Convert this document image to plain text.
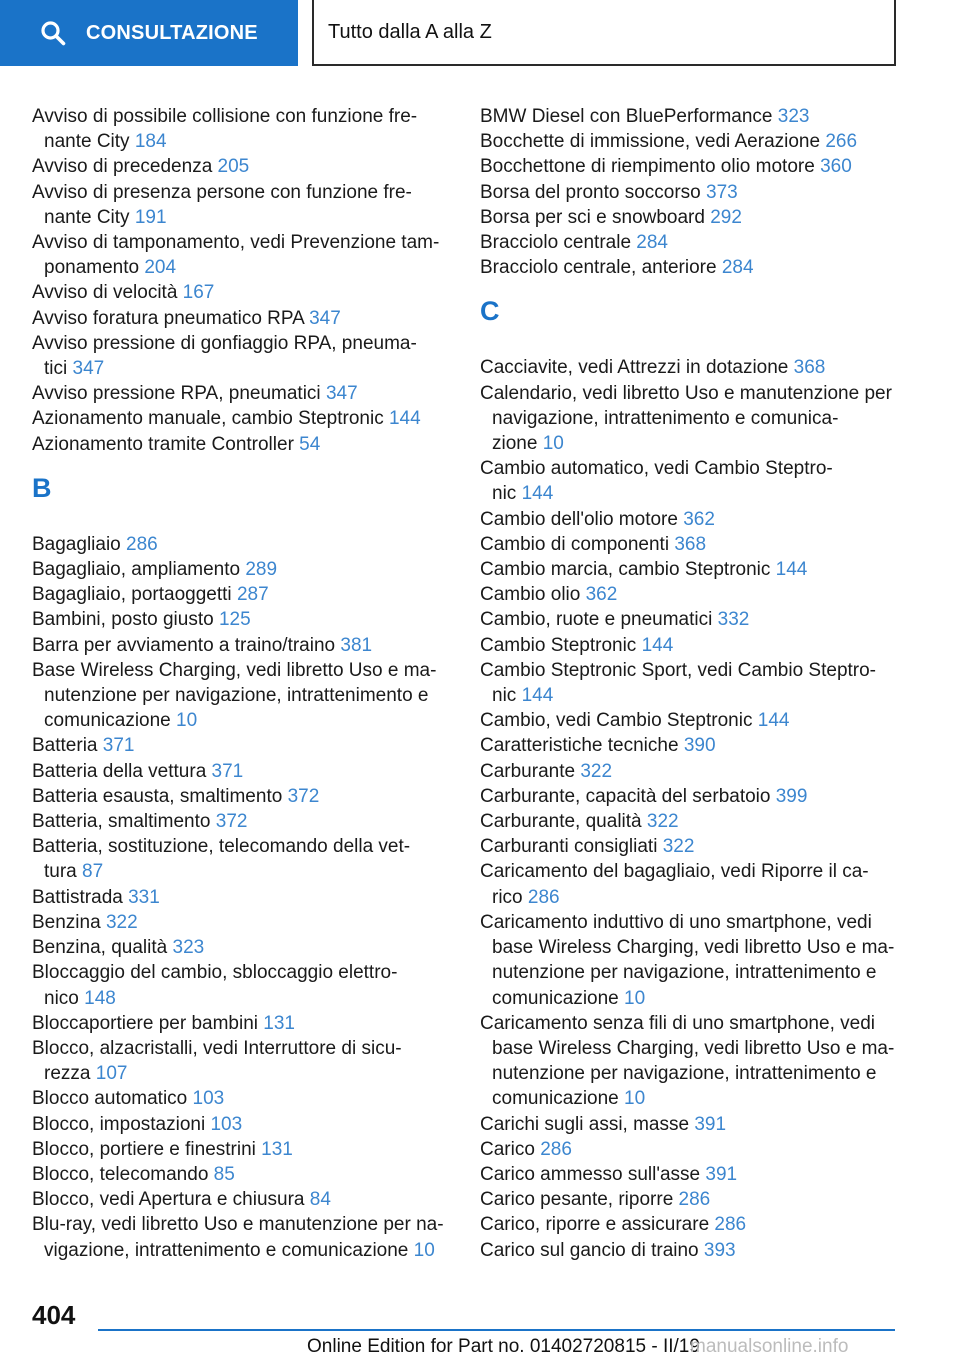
CONSULTAZIONE	Tutto dalla A alla Z
Avviso di possibile collisione con funzione fre-
nante City 184
Avviso di precedenza 205
Avviso di presenza persone con funzione fre-
nante City 191
Avviso di tamponamento, vedi Prevenzione tam-
ponamento 204
Avviso di velocità 167
Avviso foratura pneumatico RPA 347
Avviso pressione di gonfiaggio RPA, pneuma-
tici 347
Avviso pressione RPA, pneumatici 347
Azionamento manuale, cambio Steptronic 144
Azionamento tramite Controller 54
B
Bagagliaio 286
Bagagliaio, ampliamento 289
Bagagliaio, portaoggetti 287
Bambini, posto giusto 125
Barra per avviamento a traino/traino 381
Base Wireless Charging, vedi libretto Uso e ma-
nutenzione per navigazione, intrattenimento e
comunicazione 10
Batteria 371
Batteria della vettura 371
Batteria esausta, smaltimento 372
Batteria, smaltimento 372
Batteria, sostituzione, telecomando della vet-
tura 87
Battistrada 331
Benzina 322
Benzina, qualità 323
Bloccaggio del cambio, sbloccaggio elettro-
nico 148
Bloccaportiere per bambini 131
Blocco, alzacristalli, vedi Interruttore di sicu-
rezza 107
Blocco automatico 103
Blocco, impostazioni 103
Blocco, portiere e finestrini 131
Blocco, telecomando 85
Blocco, vedi Apertura e chiusura 84
Blu-ray, vedi libretto Uso e manutenzione per na-
vigazione, intrattenimento e comunicazione 10
BMW Diesel con BluePerformance 323
Bocchette di immissione, vedi Aerazione 266
Bocchettone di riempimento olio motore 360
Borsa del pronto soccorso 373
Borsa per sci e snowboard 292
Bracciolo centrale 284
Bracciolo centrale, anteriore 284
C
Cacciavite, vedi Attrezzi in dotazione 368
Calendario, vedi libretto Uso e manutenzione per
navigazione, intrattenimento e comunica-
zione 10
Cambio automatico, vedi Cambio Steptro-
nic 144
Cambio dell'olio motore 362
Cambio di componenti 368
Cambio marcia, cambio Steptronic 144
Cambio olio 362
Cambio, ruote e pneumatici 332
Cambio Steptronic 144
Cambio Steptronic Sport, vedi Cambio Steptro-
nic 144
Cambio, vedi Cambio Steptronic 144
Caratteristiche tecniche 390
Carburante 322
Carburante, capacità del serbatoio 399
Carburante, qualità 322
Carburanti consigliati 322
Caricamento del bagagliaio, vedi Riporre il ca-
rico 286
Caricamento induttivo di uno smartphone, vedi
base Wireless Charging, vedi libretto Uso e ma-
nutenzione per navigazione, intrattenimento e
comunicazione 10
Caricamento senza fili di uno smartphone, vedi
base Wireless Charging, vedi libretto Uso e ma-
nutenzione per navigazione, intrattenimento e
comunicazione 10
Carichi sugli assi, masse 391
Carico 286
Carico ammesso sull'asse 391
Carico pesante, riporre 286
Carico, riporre e assicurare 286
Carico sul gancio di traino 393
404
Online Edition for Part no. 01402720815 - II/19
manualsonline.info
